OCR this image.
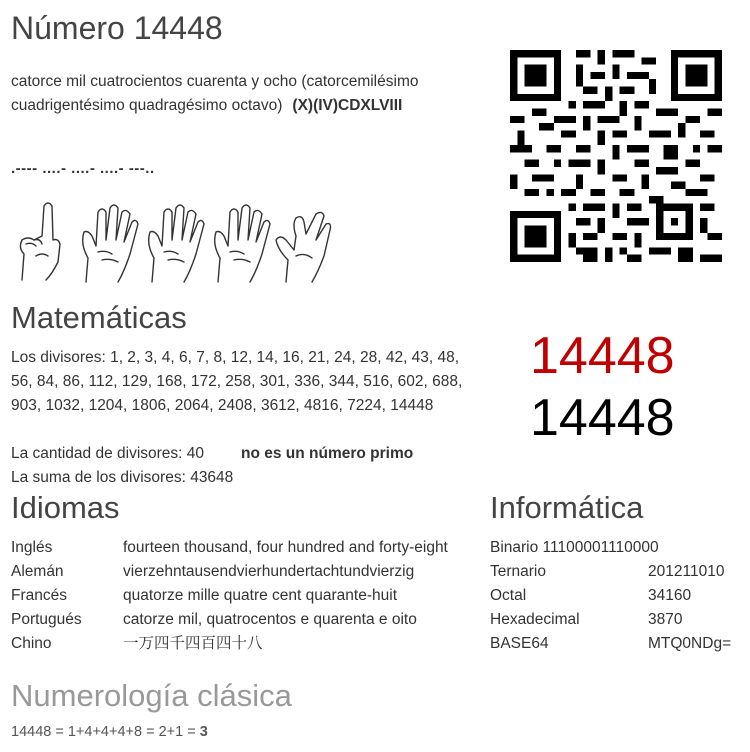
Número 14448
catorce mil cuatrocientos cuarenta y ocho (catorcemilésimo cuadrigentésimo quadragésimo octavo) (X)(IV)CDXLVIII
.---- ....- ....- ....- ---..
Matemáticas
Los divisores: 1, 2, 3, 4, 6, 7, 8, 12, 14, 16, 21, 24, 28, 42, 43, 48, 56, 84, 86, 112, 129, 168, 172, 258, 301, 336, 344, 516, 602, 688, 903, 1032, 1204, 1806, 2064, 2408, 3612, 4816, 7224, 14448
La cantidad de divisores: 40 no es un número primo
La suma de los divisores: 43648
14448
14448
Idiomas
Inglés	fourteen thousand, four hundred and forty-eight
Alemán	vierzehntausendvierhundertachtundvierzig
Francés	quatorze mille quatre cent quarante-huit
Portugués	catorze mil, quatrocentos e quarenta e oito
Chino	一万四千四百四十八
Informática
Binario 11100001110000
Ternario	201211010
Octal	34160
Hexadecimal	3870
BASE64	MTQ0NDg=
Numerología clásica
14448 = 1+4+4+4+8 = 2+1 = 3
